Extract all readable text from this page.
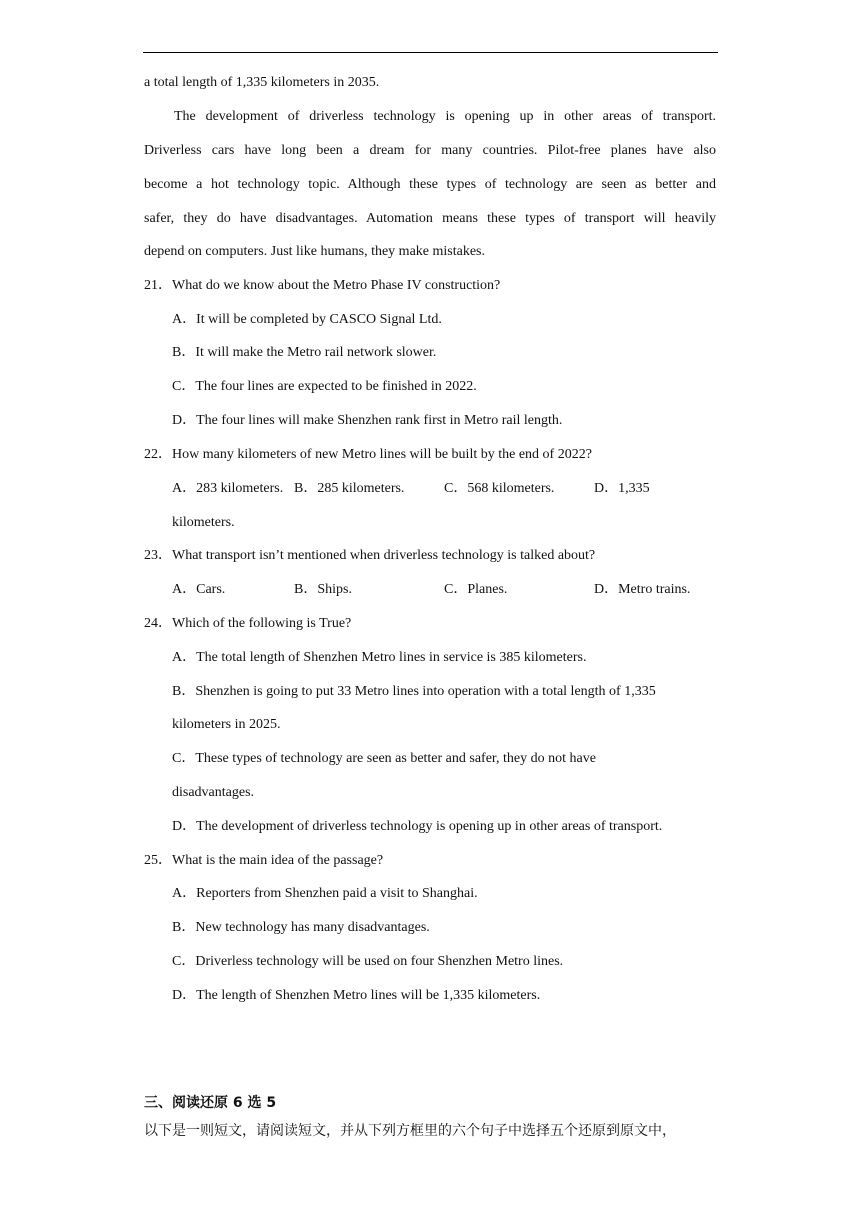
a total length of 1,335 kilometers in 2035.
The development of driverless technology is opening up in other areas of transport.
Driverless cars have long been a dream for many countries. Pilot-free planes have also
become a hot technology topic. Although these types of technology are seen as better and
safer, they do have disadvantages. Automation means these types of transport will heavily
depend on computers. Just like humans, they make mistakes.
21．What do we know about the Metro Phase IV construction?
A．It will be completed by CASCO Signal Ltd.
B．It will make the Metro rail network slower.
C．The four lines are expected to be finished in 2022.
D．The four lines will make Shenzhen rank first in Metro rail length.
22．How many kilometers of new Metro lines will be built by the end of 2022?
A．283 kilometers. B．285 kilometers.	C．568 kilometers.	D．1,335
kilometers.
23．What transport isn’t mentioned when driverless technology is talked about?
A．Cars.	B．Ships.	C．Planes.	D．Metro trains.
24．Which of the following is True?
A．The total length of Shenzhen Metro lines in service is 385 kilometers.
B．Shenzhen is going to put 33 Metro lines into operation with a total length of 1,335
kilometers in 2025.
C．These types of technology are seen as better and safer, they do not have
disadvantages.
D．The development of driverless technology is opening up in other areas of transport.
25．What is the main idea of the passage?
A．Reporters from Shenzhen paid a visit to Shanghai.
B．New technology has many disadvantages.
C．Driverless technology will be used on four Shenzhen Metro lines.
D．The length of Shenzhen Metro lines will be 1,335 kilometers.
三、阅读还原 6 选 5
以下是一则短文，请阅读短文，并从下列方框里的六个句子中选择五个还原到原文中，
